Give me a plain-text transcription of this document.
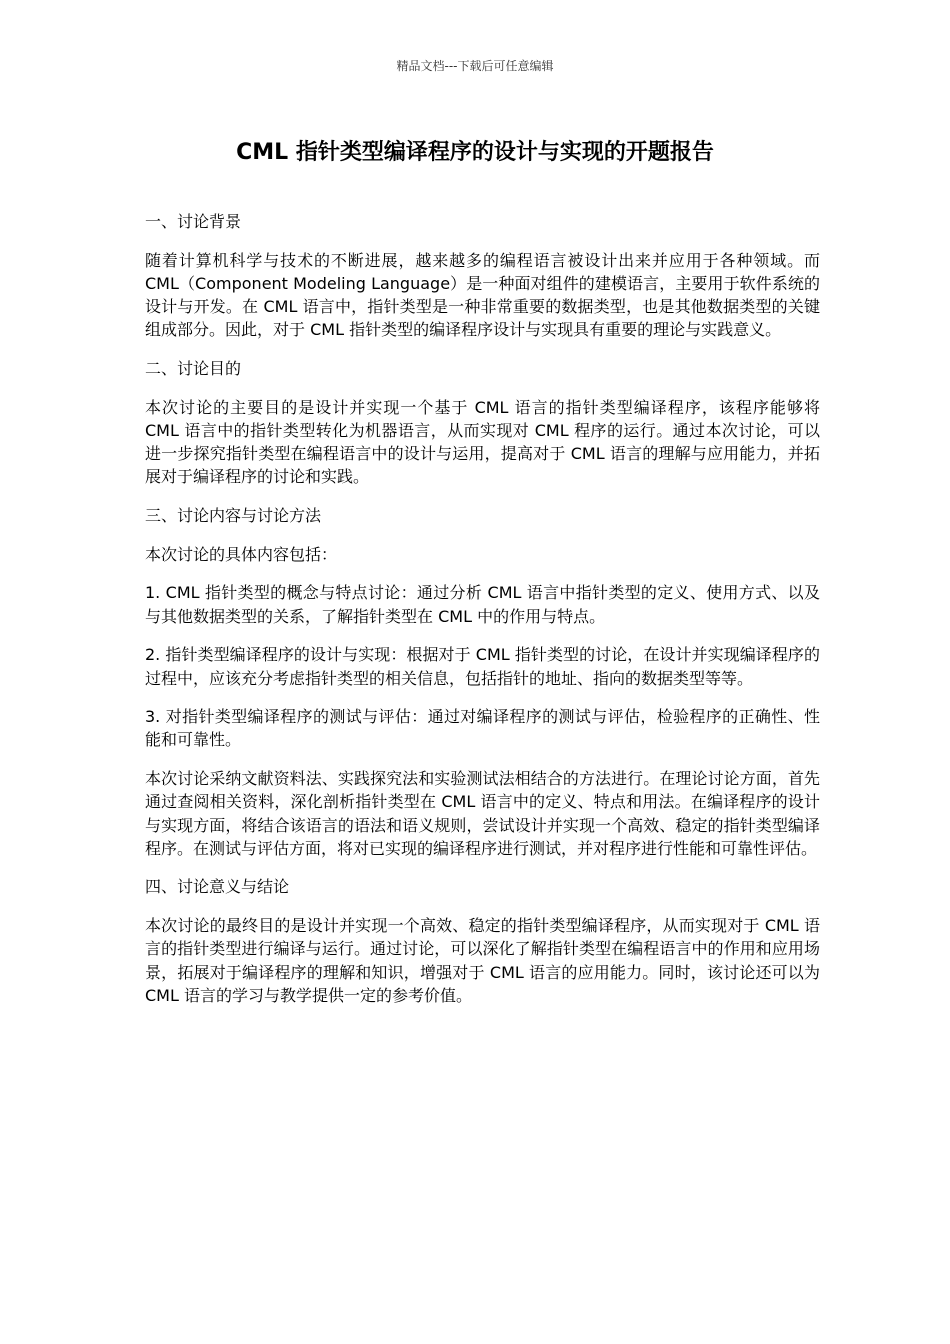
精品文档---下载后可任意编辑
CML 指针类型编译程序的设计与实现的开题报告

一、讨论背景

随着计算机科学与技术的不断进展，越来越多的编程语言被设计出来并应用于各种领域。而 CML（Component Modeling Language）是一种面对组件的建模语言，主要用于软件系统的设计与开发。在 CML 语言中，指针类型是一种非常重要的数据类型，也是其他数据类型的关键组成部分。因此，对于 CML 指针类型的编译程序设计与实现具有重要的理论与实践意义。

二、讨论目的

本次讨论的主要目的是设计并实现一个基于 CML 语言的指针类型编译程序，该程序能够将 CML 语言中的指针类型转化为机器语言，从而实现对 CML 程序的运行。通过本次讨论，可以进一步探究指针类型在编程语言中的设计与运用，提高对于 CML 语言的理解与应用能力，并拓展对于编译程序的讨论和实践。

三、讨论内容与讨论方法

本次讨论的具体内容包括：

1. CML 指针类型的概念与特点讨论：通过分析 CML 语言中指针类型的定义、使用方式、以及与其他数据类型的关系，了解指针类型在 CML 中的作用与特点。

2. 指针类型编译程序的设计与实现：根据对于 CML 指针类型的讨论，在设计并实现编译程序的过程中，应该充分考虑指针类型的相关信息，包括指针的地址、指向的数据类型等等。

3. 对指针类型编译程序的测试与评估：通过对编译程序的测试与评估，检验程序的正确性、性能和可靠性。

本次讨论采纳文献资料法、实践探究法和实验测试法相结合的方法进行。在理论讨论方面，首先通过查阅相关资料，深化剖析指针类型在 CML 语言中的定义、特点和用法。在编译程序的设计与实现方面，将结合该语言的语法和语义规则，尝试设计并实现一个高效、稳定的指针类型编译程序。在测试与评估方面，将对已实现的编译程序进行测试，并对程序进行性能和可靠性评估。

四、讨论意义与结论

本次讨论的最终目的是设计并实现一个高效、稳定的指针类型编译程序，从而实现对于 CML 语言的指针类型进行编译与运行。通过讨论，可以深化了解指针类型在编程语言中的作用和应用场景，拓展对于编译程序的理解和知识，增强对于 CML 语言的应用能力。同时，该讨论还可以为 CML 语言的学习与教学提供一定的参考价值。
